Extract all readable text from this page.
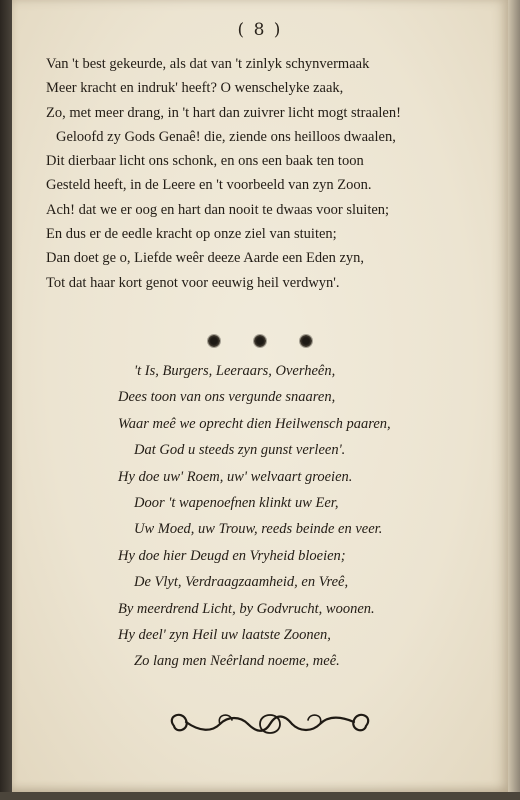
( 8 )
Van 't best gekeurde, als dat van 't zinlyk schynvermaak
Meer kracht en indruk' heeft? O wenschelyke zaak,
Zo, met meer drang, in 't hart dan zuivrer licht mogt straalen!
Geloofd zy Gods Genaê! die, ziende ons heilloos dwaalen,
Dit dierbaar licht ons schonk, en ons een baak ten toon
Gesteld heeft, in de Leere en 't voorbeeld van zyn Zoon.
Ach! dat we er oog en hart dan nooit te dwaas voor sluiten;
En dus er de eedle kracht op onze ziel van stuiten;
Dan doet ge o, Liefde weêr deeze Aarde een Eden zyn,
Tot dat haar kort genot voor eeuwig heil verdwyn'.

't Is, Burgers, Leeraars, Overheên,
Dees toon van ons vergunde snaaren,
Waar meê we oprecht dien Heilwensch paaren,
Dat God u steeds zyn gunst verleen'.
Hy doe uw' Roem, uw' welvaart groeien.
Door 't wapenoefnen klinkt uw Eer,
Uw Moed, uw Trouw, reeds beinde en veer.
Hy doe hier Deugd en Vryheid bloeien;
De Vlyt, Verdraagzaamheid, en Vreê,
By meerdrend Licht, by Godvrucht, woonen.
Hy deel' zyn Heil uw laatste Zoonen,
Zo lang men Neêrland noeme, meê.
